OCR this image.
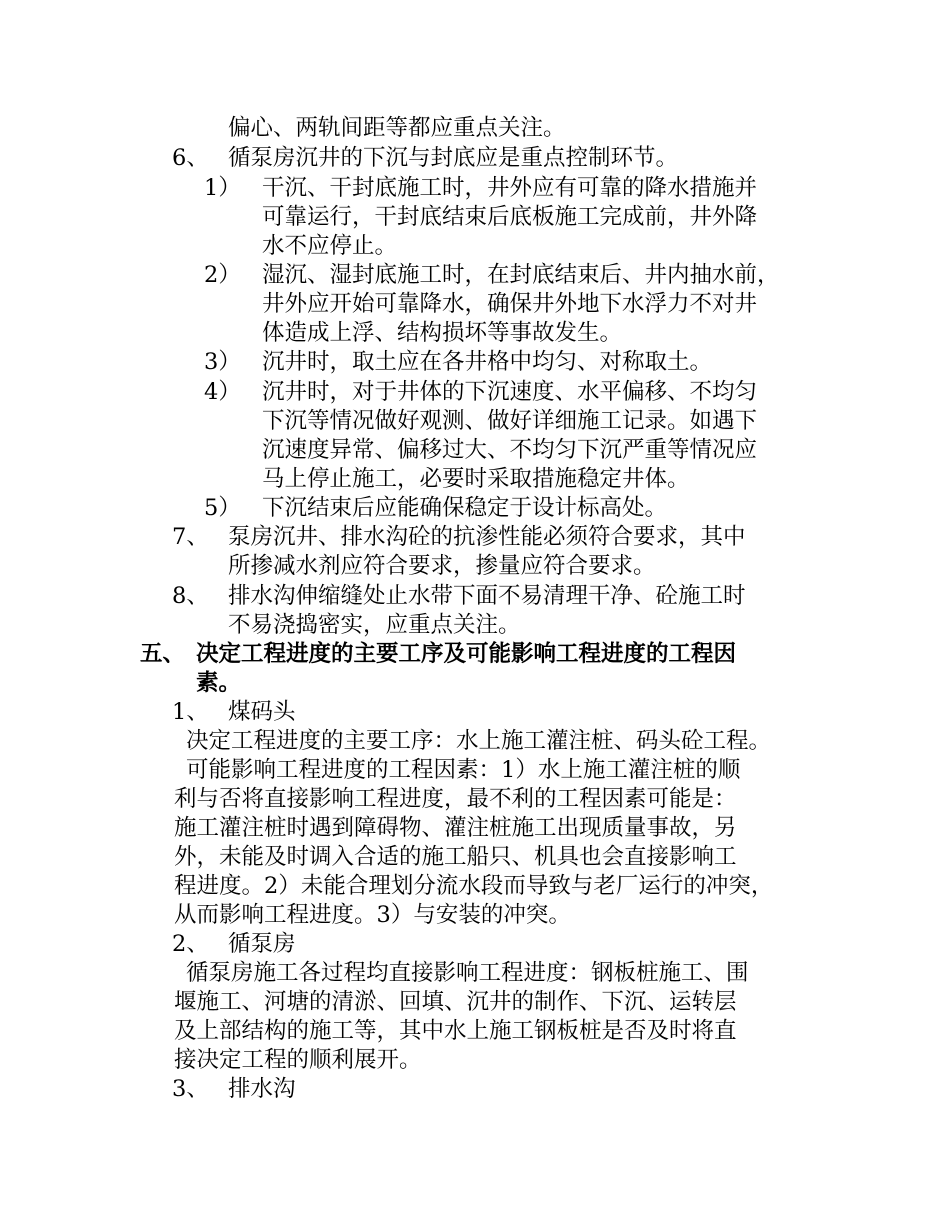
偏心、两轨间距等都应重点关注。
6、 循泵房沉井的下沉与封底应是重点控制环节。
1） 干沉、干封底施工时，井外应有可靠的降水措施并
可靠运行，干封底结束后底板施工完成前，井外降
水不应停止。
2） 湿沉、湿封底施工时，在封底结束后、井内抽水前，
井外应开始可靠降水，确保井外地下水浮力不对井
体造成上浮、结构损坏等事故发生。
3） 沉井时，取土应在各井格中均匀、对称取土。
4） 沉井时，对于井体的下沉速度、水平偏移、不均匀
下沉等情况做好观测、做好详细施工记录。如遇下
沉速度异常、偏移过大、不均匀下沉严重等情况应
马上停止施工，必要时采取措施稳定井体。
5） 下沉结束后应能确保稳定于设计标高处。
7、 泵房沉井、排水沟砼的抗渗性能必须符合要求，其中
所掺减水剂应符合要求，掺量应符合要求。
8、 排水沟伸缩缝处止水带下面不易清理干净、砼施工时
不易浇捣密实，应重点关注。
五、 决定工程进度的主要工序及可能影响工程进度的工程因
素。
1、 煤码头
决定工程进度的主要工序：水上施工灌注桩、码头砼工程。
可能影响工程进度的工程因素：1）水上施工灌注桩的顺
利与否将直接影响工程进度，最不利的工程因素可能是：
施工灌注桩时遇到障碍物、灌注桩施工出现质量事故，另
外，未能及时调入合适的施工船只、机具也会直接影响工
程进度。2）未能合理划分流水段而导致与老厂运行的冲突，
从而影响工程进度。3）与安装的冲突。
2、 循泵房
循泵房施工各过程均直接影响工程进度：钢板桩施工、围
堰施工、河塘的清淤、回填、沉井的制作、下沉、运转层
及上部结构的施工等，其中水上施工钢板桩是否及时将直
接决定工程的顺利展开。
3、 排水沟
